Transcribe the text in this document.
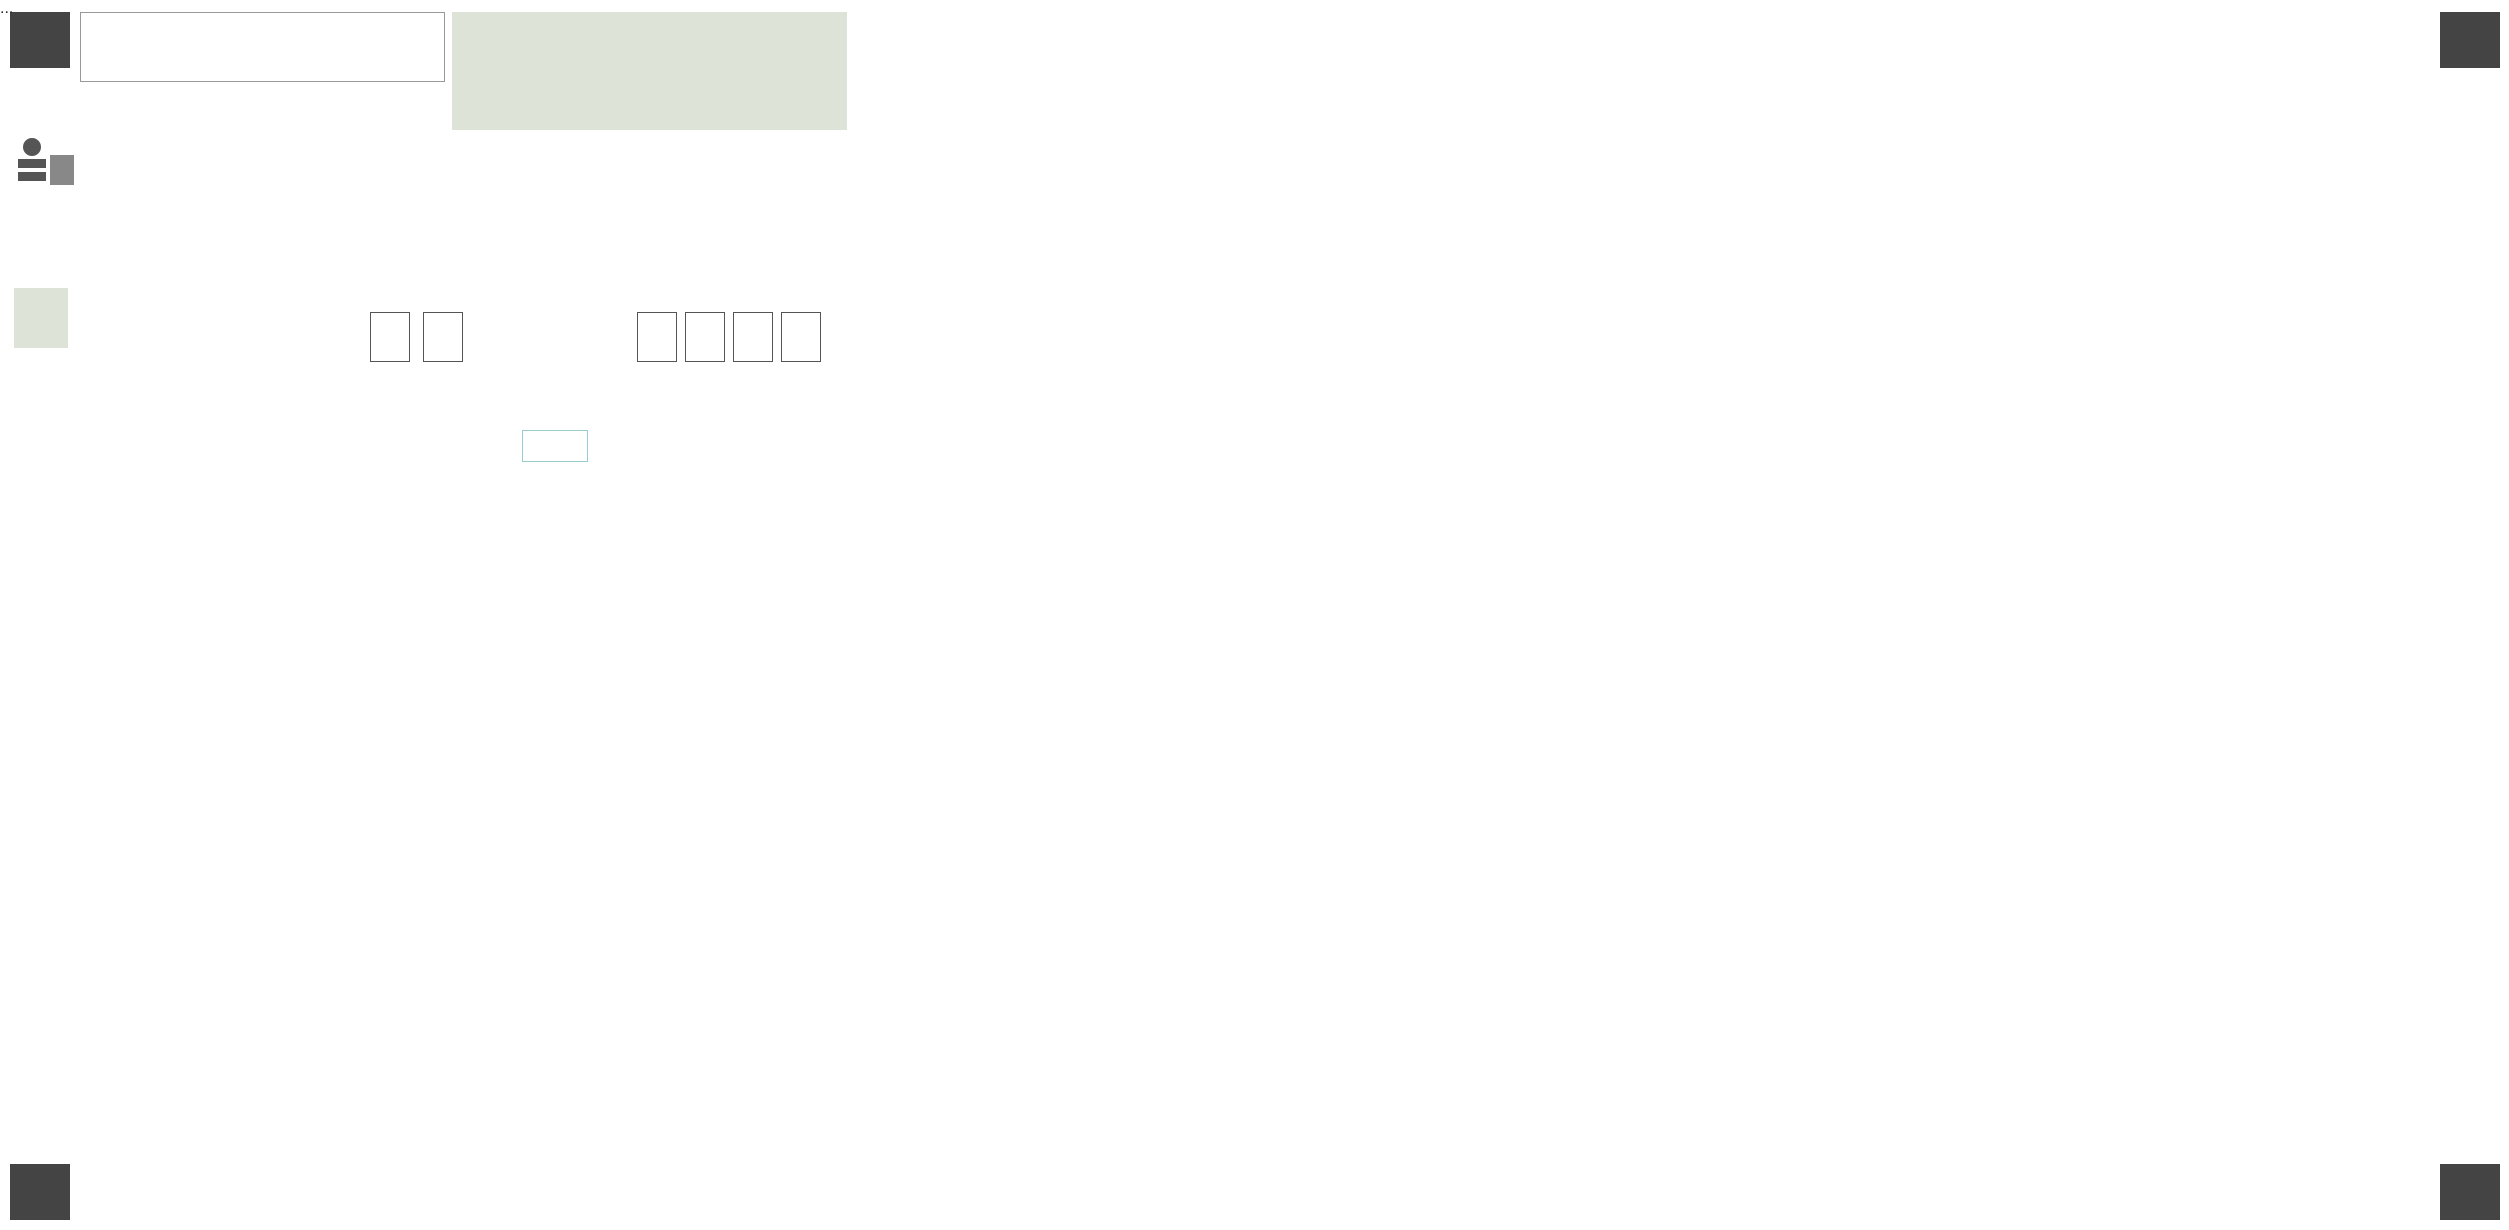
...
